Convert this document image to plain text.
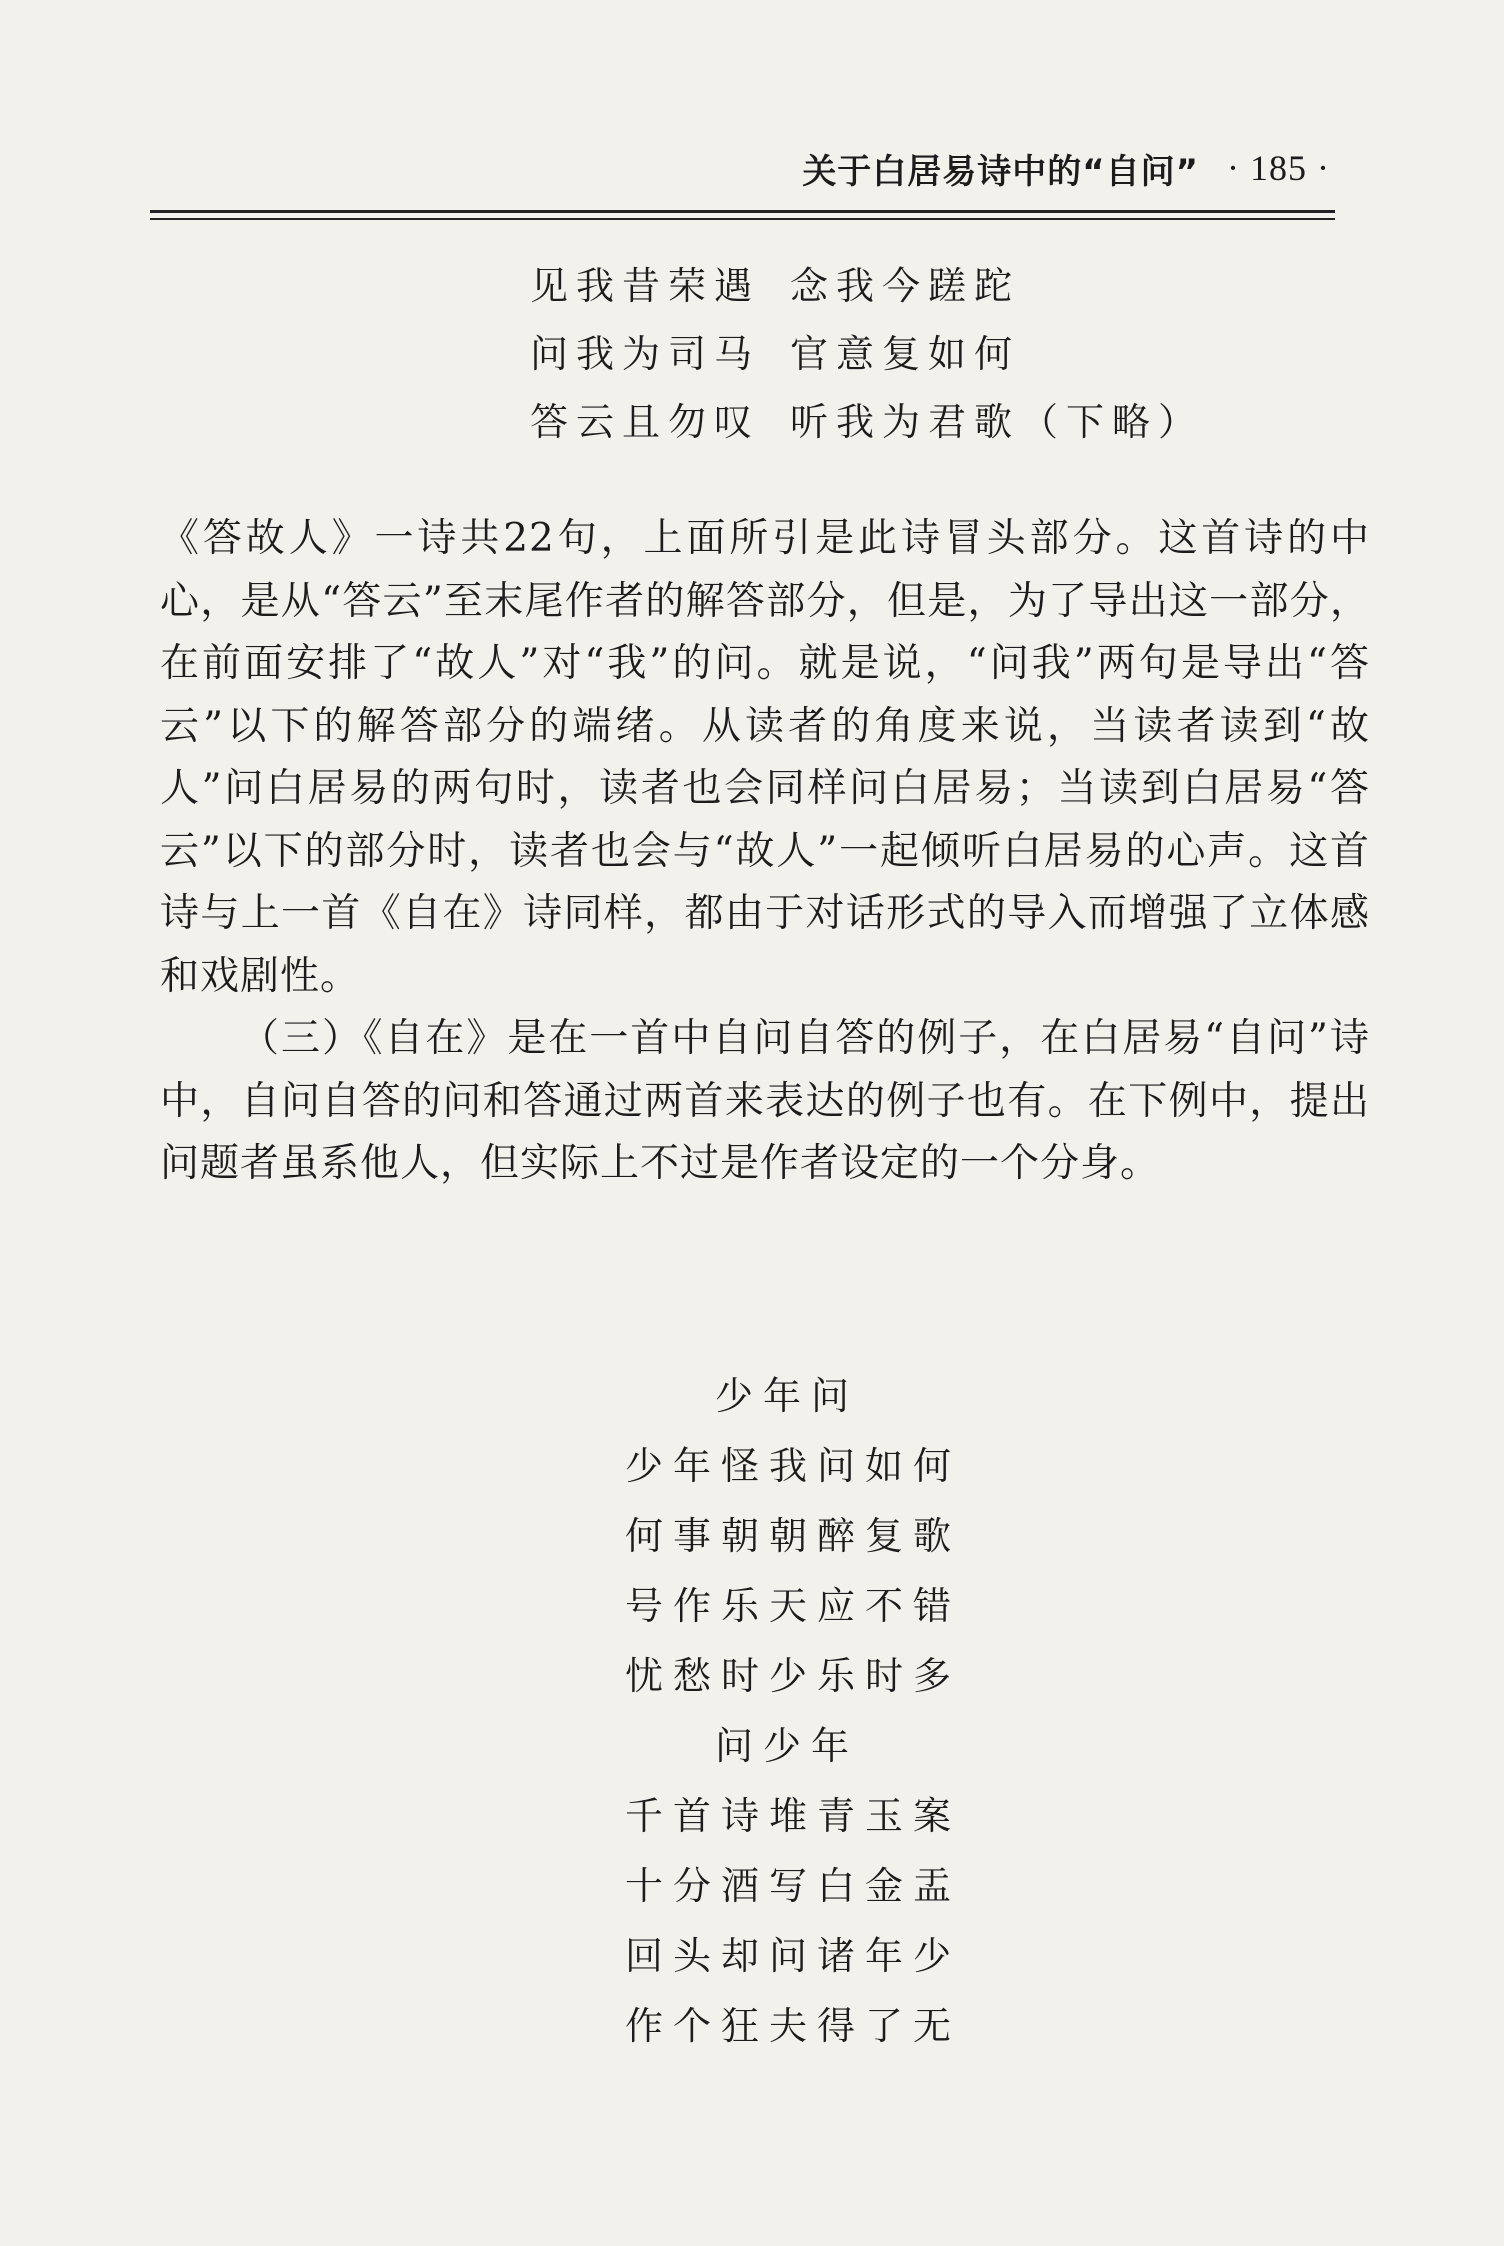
关于白居易诗中的“自问” · 185 ·
见我昔荣遇 念我今蹉跎
问我为司马 官意复如何
答云且勿叹 听我为君歌（下略）

《答故人》一诗共22句，上面所引是此诗冒头部分。这首诗的中心，是从“答云”至末尾作者的解答部分，但是，为了导出这一部分，在前面安排了“故人”对“我”的问。就是说，“问我”两句是导出“答云”以下的解答部分的端绪。从读者的角度来说，当读者读到“故人”问白居易的两句时，读者也会同样问白居易；当读到白居易“答云”以下的部分时，读者也会与“故人”一起倾听白居易的心声。这首诗与上一首《自在》诗同样，都由于对话形式的导入而增强了立体感和戏剧性。

（三）《自在》是在一首中自问自答的例子，在白居易“自问”诗中，自问自答的问和答通过两首来表达的例子也有。在下例中，提出问题者虽系他人，但实际上不过是作者设定的一个分身。

少年问
少年怪我问如何
何事朝朝醉复歌
号作乐天应不错
忧愁时少乐时多
问少年
千首诗堆青玉案
十分酒写白金盂
回头却问诸年少
作个狂夫得了无
